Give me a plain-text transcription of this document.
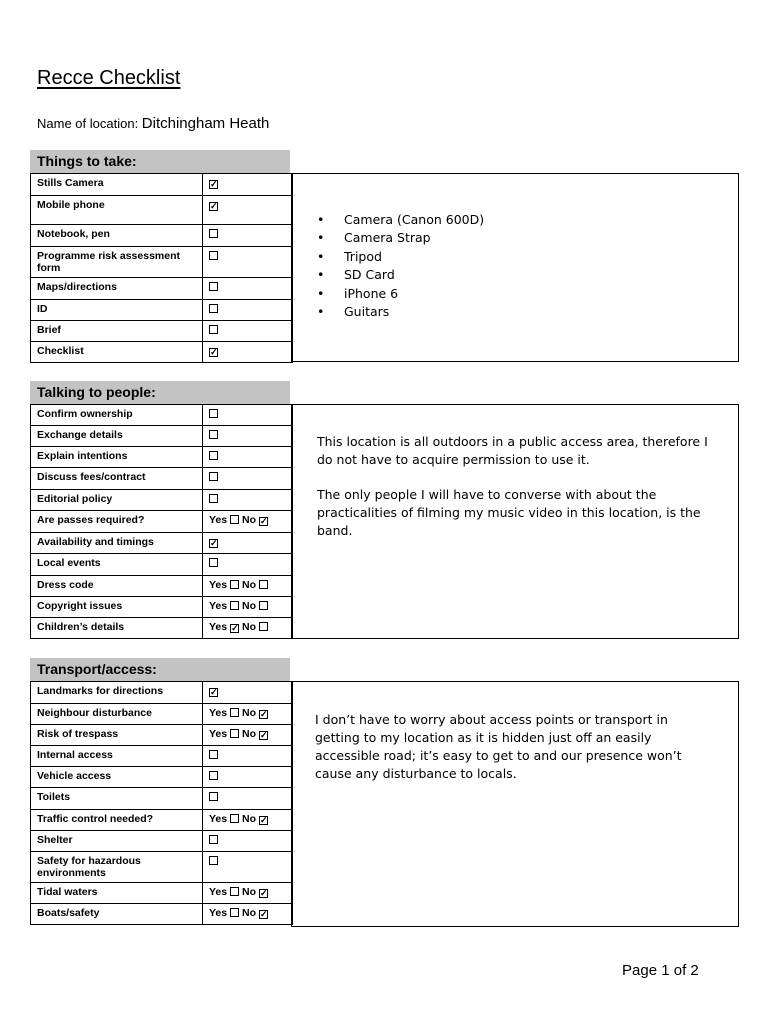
Recce Checklist
Name of location: Ditchingham Heath
Things to take:
Stills Camera	✓
Mobile phone	✓
Notebook, pen	
Programme risk assessment form	
Maps/directions	
ID	
Brief	
Checklist	✓
• Camera (Canon 600D)
• Camera Strap
• Tripod
• SD Card
• iPhone 6
• Guitars
Talking to people:
Confirm ownership	
Exchange details	
Explain intentions	
Discuss fees/contract	
Editorial policy	
Are passes required?	Yes No ✓
Availability and timings	✓
Local events	
Dress code	Yes No
Copyright issues	Yes No
Children’s details	Yes ✓ No

This location is all outdoors in a public access area, therefore I do not have to acquire permission to use it.

The only people I will have to converse with about the practicalities of filming my music video in this location, is the band.

Transport/access:
Landmarks for directions	✓
Neighbour disturbance	Yes No ✓
Risk of trespass	Yes No ✓
Internal access	
Vehicle access	
Toilets	
Traffic control needed?	Yes No ✓
Shelter	
Safety for hazardous environments	
Tidal waters	Yes No ✓
Boats/safety	Yes No ✓

I don’t have to worry about access points or transport in getting to my location as it is hidden just off an easily accessible road; it’s easy to get to and our presence won’t cause any disturbance to locals.

Page 1 of 2
